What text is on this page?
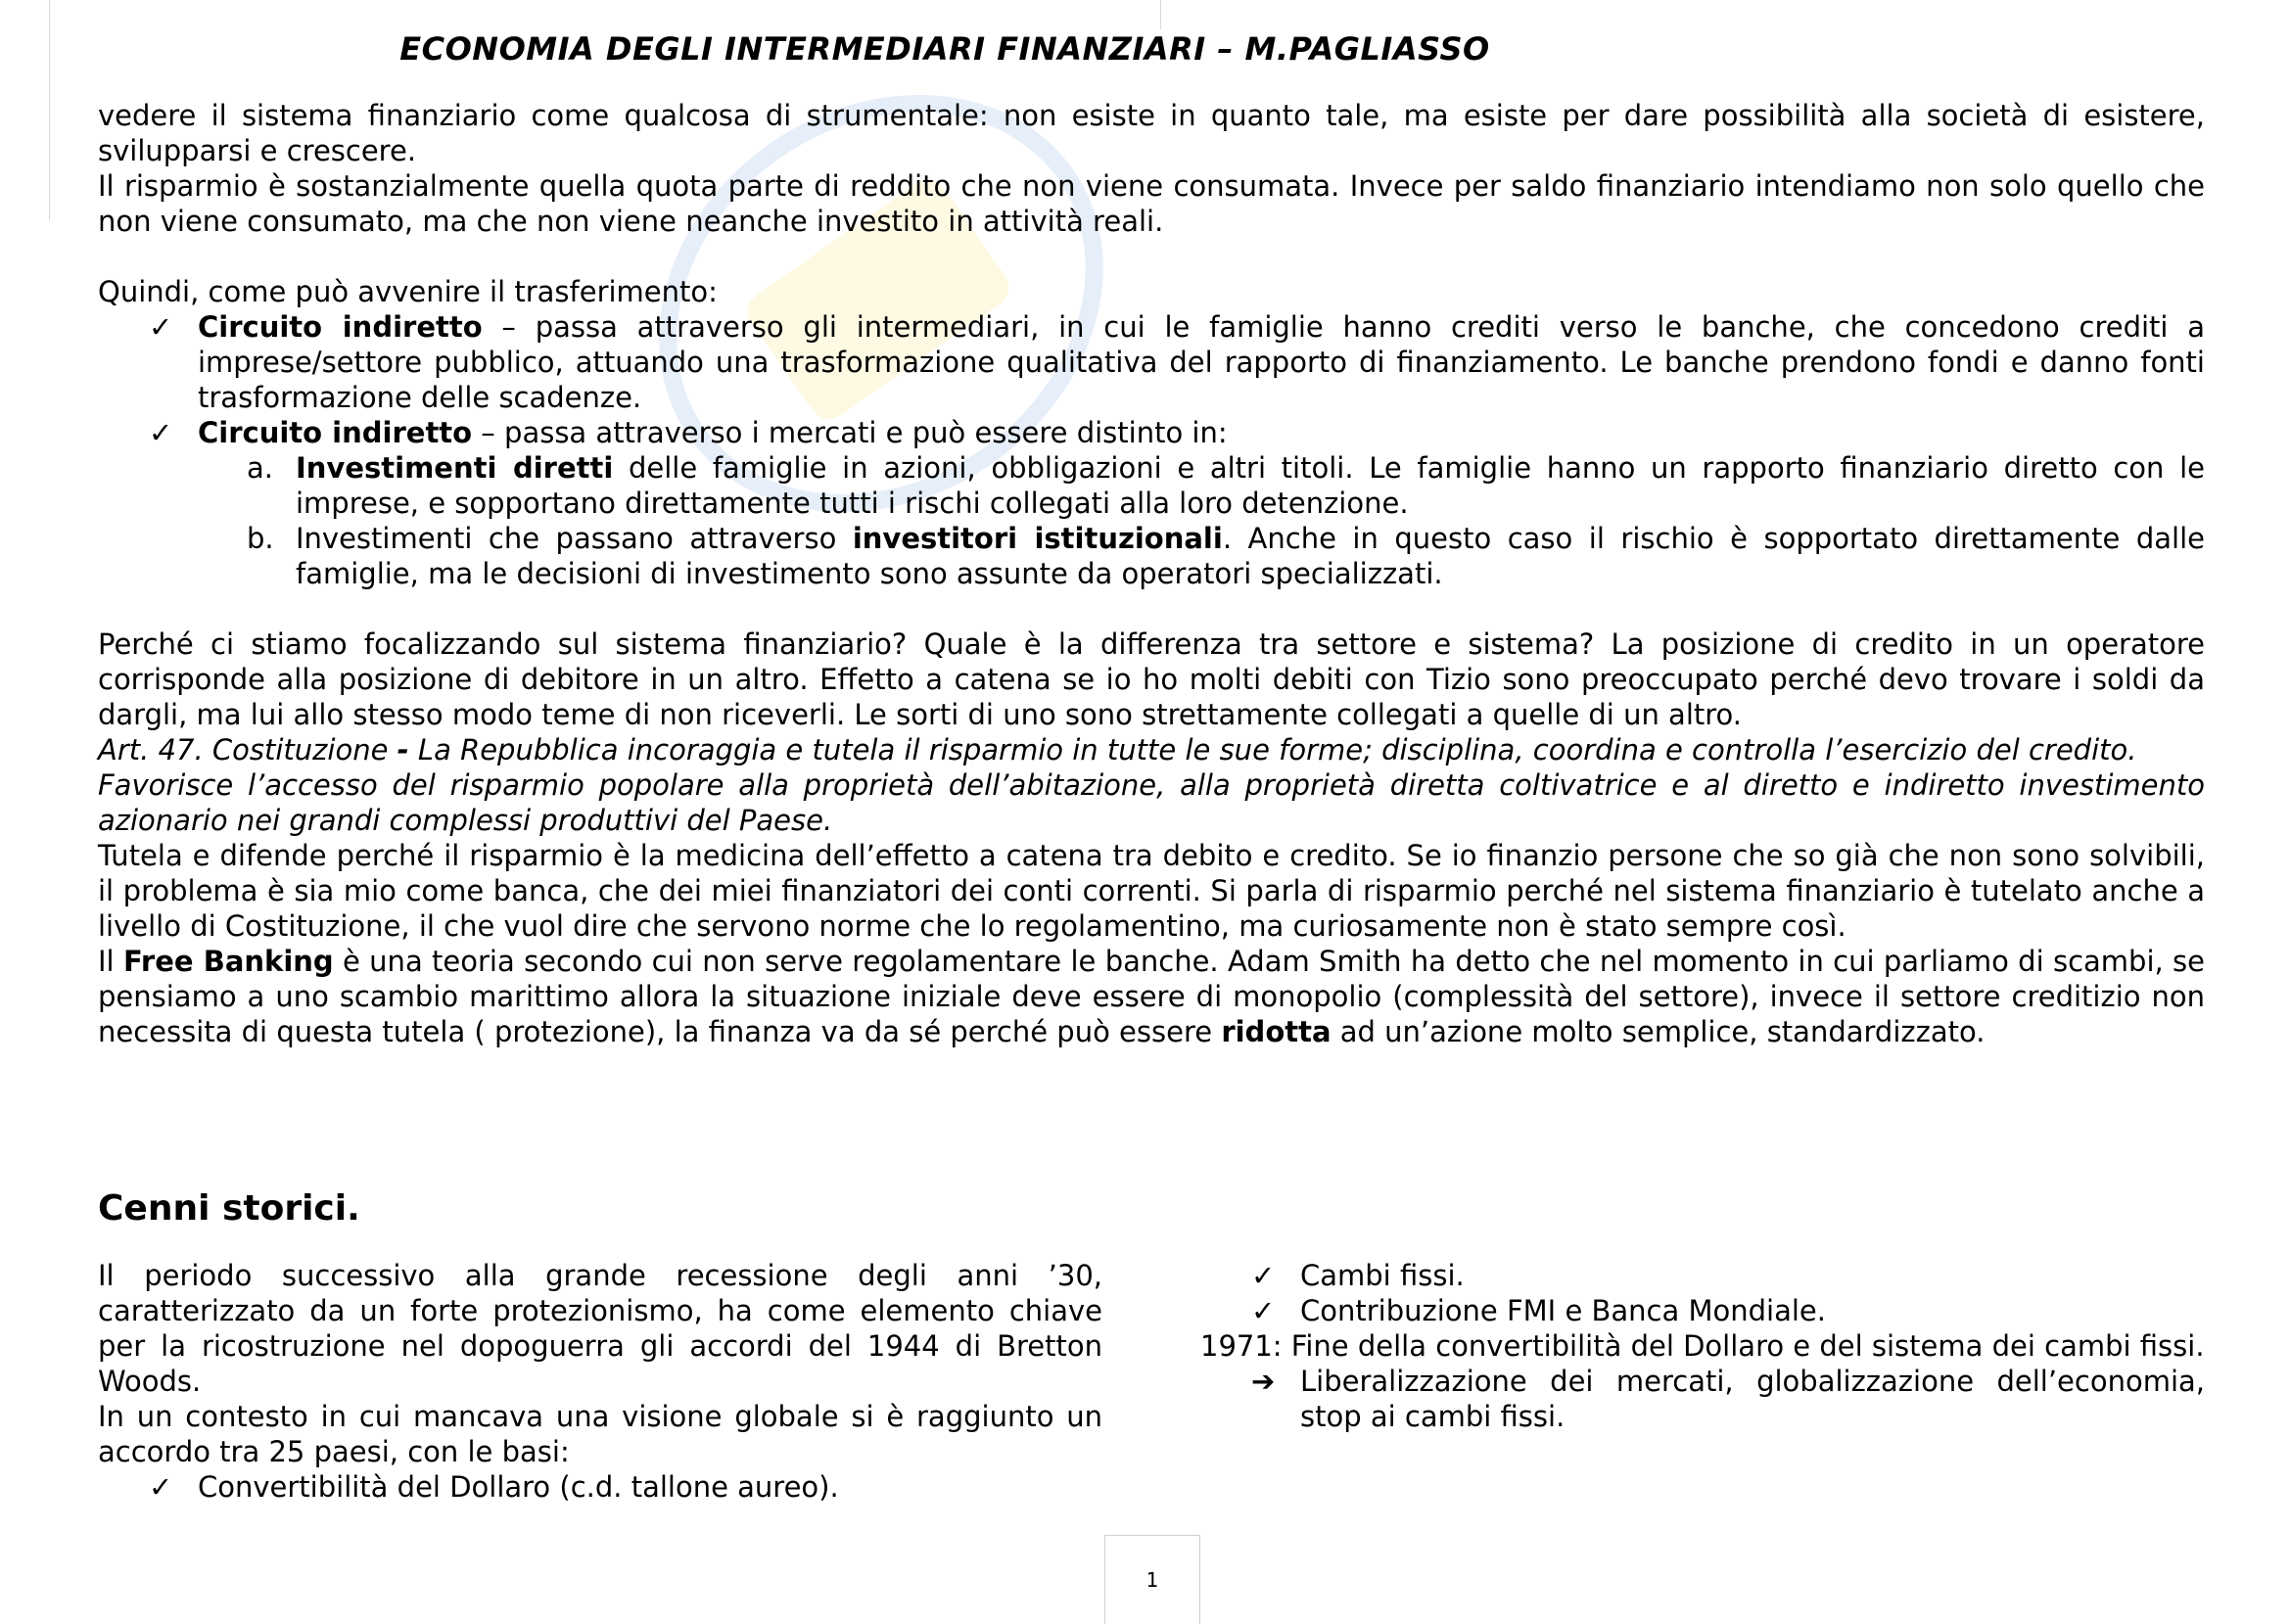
ECONOMIA DEGLI INTERMEDIARI FINANZIARI – M.PAGLIASSO

vedere il sistema finanziario come qualcosa di strumentale: non esiste in quanto tale, ma esiste per dare possibilità alla società di esistere, svilupparsi e crescere.

Il risparmio è sostanzialmente quella quota parte di reddito che non viene consumata. Invece per saldo finanziario intendiamo non solo quello che non viene consumato, ma che non viene neanche investito in attività reali.

Quindi, come può avvenire il trasferimento:

✓ Circuito indiretto – passa attraverso gli intermediari, in cui le famiglie hanno crediti verso le banche, che concedono crediti a imprese/settore pubblico, attuando una trasformazione qualitativa del rapporto di finanziamento. Le banche prendono fondi e danno fonti trasformazione delle scadenze.
✓ Circuito indiretto – passa attraverso i mercati e può essere distinto in:
a. Investimenti diretti delle famiglie in azioni, obbligazioni e altri titoli. Le famiglie hanno un rapporto finanziario diretto con le imprese, e sopportano direttamente tutti i rischi collegati alla loro detenzione.
b. Investimenti che passano attraverso investitori istituzionali. Anche in questo caso il rischio è sopportato direttamente dalle famiglie, ma le decisioni di investimento sono assunte da operatori specializzati.

Perché ci stiamo focalizzando sul sistema finanziario? Quale è la differenza tra settore e sistema? La posizione di credito in un operatore corrisponde alla posizione di debitore in un altro. Effetto a catena se io ho molti debiti con Tizio sono preoccupato perché devo trovare i soldi da dargli, ma lui allo stesso modo teme di non riceverli. Le sorti di uno sono strettamente collegati a quelle di un altro.

Art. 47. Costituzione - La Repubblica incoraggia e tutela il risparmio in tutte le sue forme; disciplina, coordina e controlla l’esercizio del credito.

Favorisce l’accesso del risparmio popolare alla proprietà dell’abitazione, alla proprietà diretta coltivatrice e al diretto e indiretto investimento azionario nei grandi complessi produttivi del Paese.

Tutela e difende perché il risparmio è la medicina dell’effetto a catena tra debito e credito. Se io finanzio persone che so già che non sono solvibili, il problema è sia mio come banca, che dei miei finanziatori dei conti correnti. Si parla di risparmio perché nel sistema finanziario è tutelato anche a livello di Costituzione, il che vuol dire che servono norme che lo regolamentino, ma curiosamente non è stato sempre così.

Il Free Banking è una teoria secondo cui non serve regolamentare le banche. Adam Smith ha detto che nel momento in cui parliamo di scambi, se pensiamo a uno scambio marittimo allora la situazione iniziale deve essere di monopolio (complessità del settore), invece il settore creditizio non necessita di questa tutela ( protezione), la finanza va da sé perché può essere ridotta ad un’azione molto semplice, standardizzato.

Cenni storici.

Il periodo successivo alla grande recessione degli anni ’30, caratterizzato da un forte protezionismo, ha come elemento chiave per la ricostruzione nel dopoguerra gli accordi del 1944 di Bretton Woods.

In un contesto in cui mancava una visione globale si è raggiunto un accordo tra 25 paesi, con le basi:

✓ Convertibilità del Dollaro (c.d. tallone aureo).
✓ Cambi fissi.
✓ Contribuzione FMI e Banca Mondiale.

1971: Fine della convertibilità del Dollaro e del sistema dei cambi fissi.

➔ Liberalizzazione dei mercati, globalizzazione dell’economia, stop ai cambi fissi.
1
